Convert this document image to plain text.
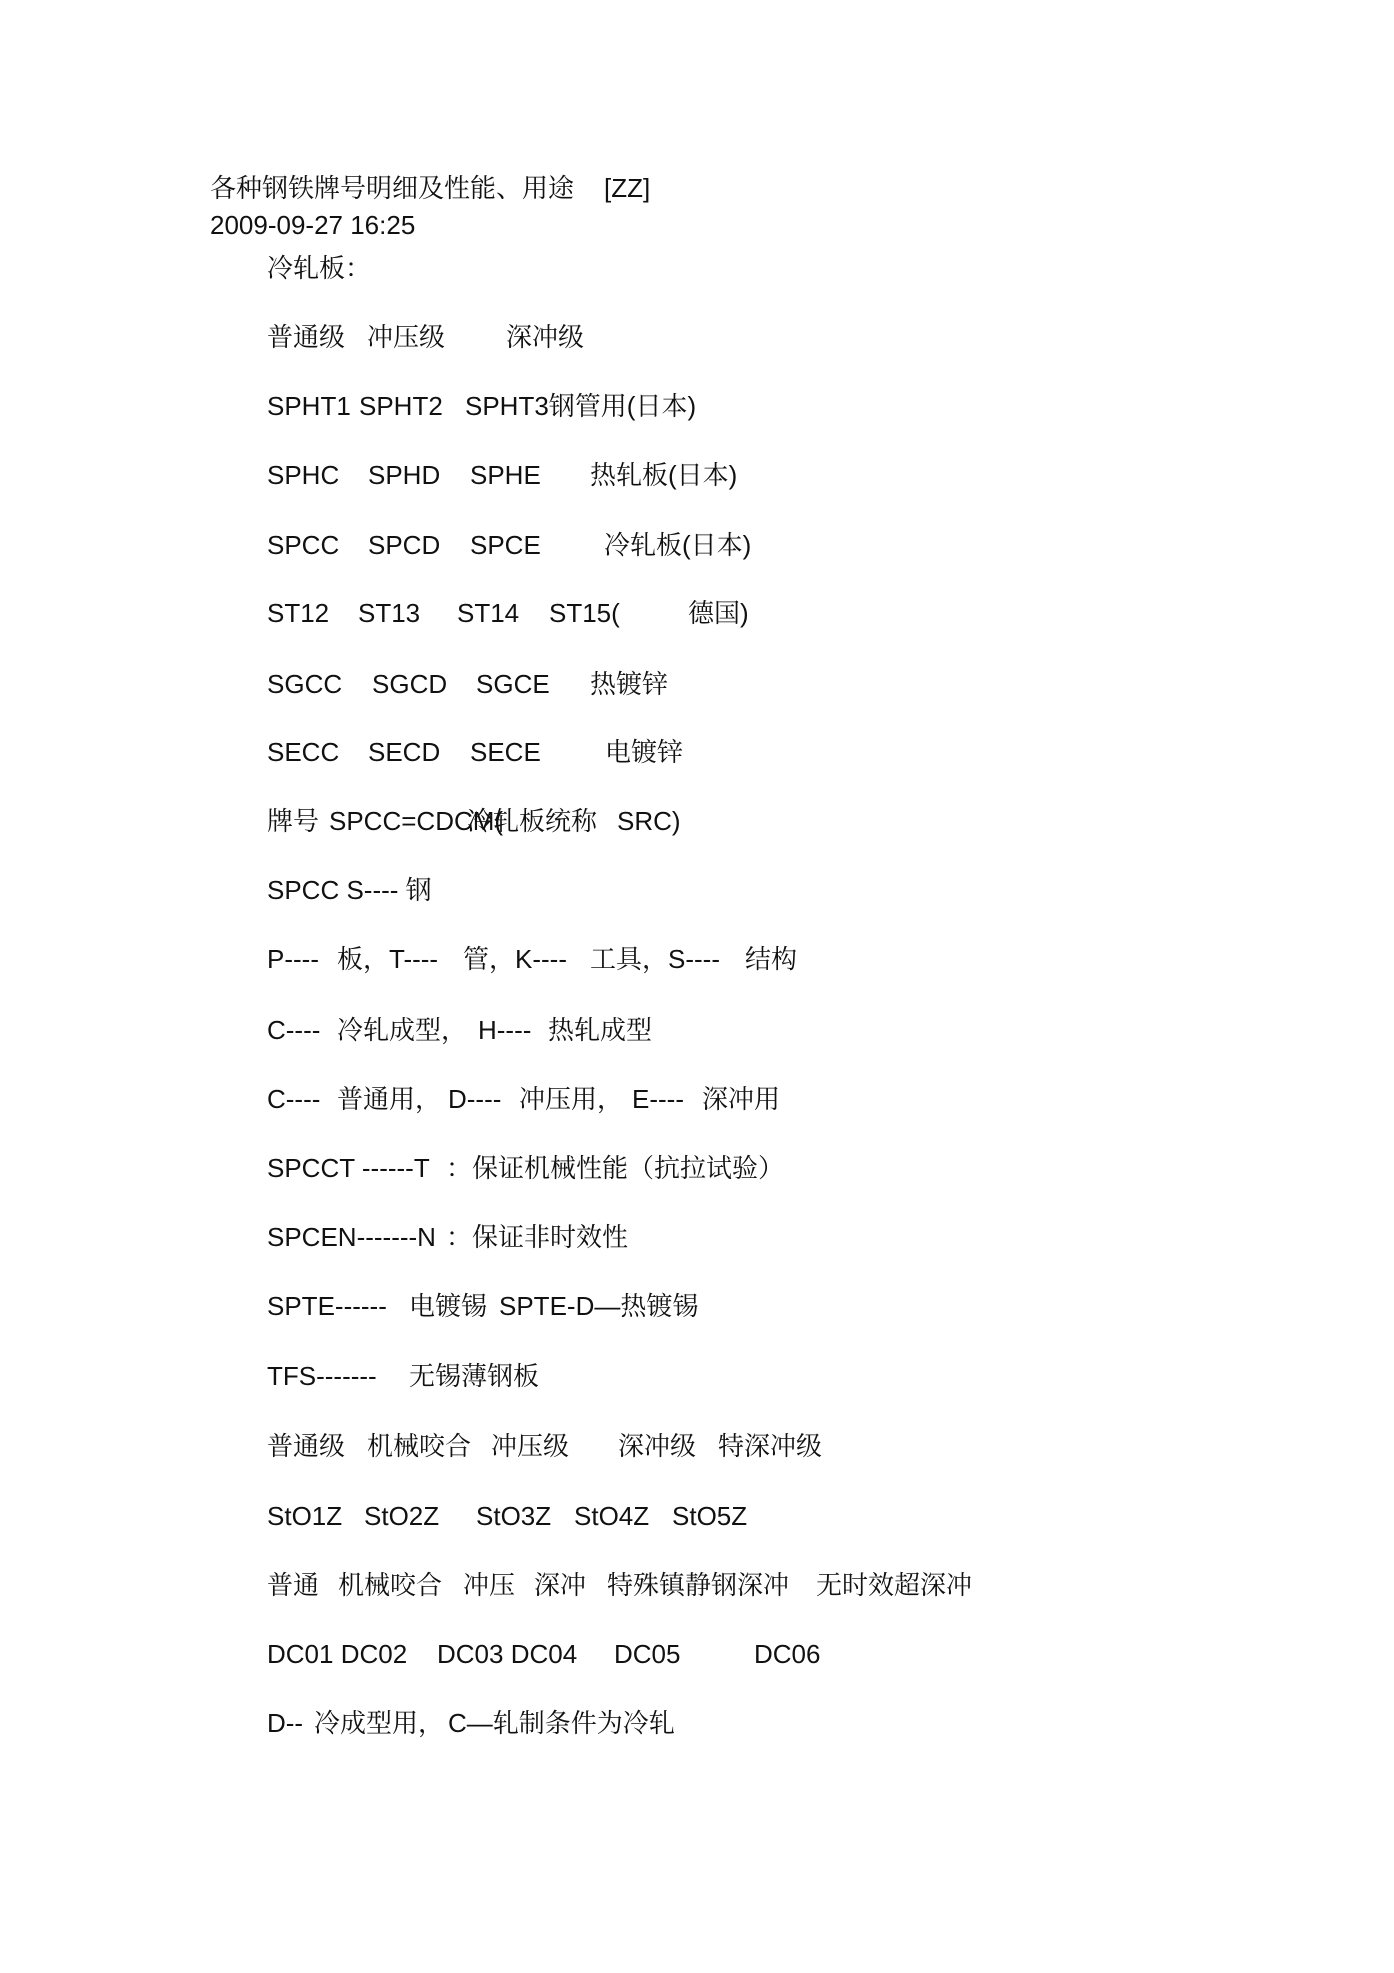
各种钢铁牌号明细及性能、用途 [ZZ]
2009-09-27 16:25
冷轧板：
普通级 冲压级 深冲级
SPHT1 SPHT2 SPHT3钢管用(日本)
SPHC SPHD SPHE 热轧板(日本)
SPCC SPCD SPCE 冷轧板(日本)
ST12 ST13 ST14 ST15(	德国)
SGCC SGCD SGCE 热镀锌
SECC SECD SECE 电镀锌
牌号 SPCC=CDCM(
冷轧板统称 SRC)
SPCC S---- 钢
P---- 板，T---- 管，K---- 工具，S---- 结构
C---- 冷轧成型， H---- 热轧成型
C---- 普通用， D---- 冲压用， E---- 深冲用
SPCCT ------T ：保证机械性能（抗拉试验）
SPCEN-------N ：保证非时效性
SPTE------ 电镀锡 SPTE-D—热镀锡
TFS------- 无锡薄钢板
普通级 机械咬合 冲压级 深冲级 特深冲级
StO1Z StO2Z StO3Z StO4Z StO5Z
普通 机械咬合 冲压 深冲 特殊镇静钢深冲 无时效超深冲
DC01 DC02 DC03 DC04 DC05	DC06
D-- 冷成型用， C—轧制条件为冷轧
